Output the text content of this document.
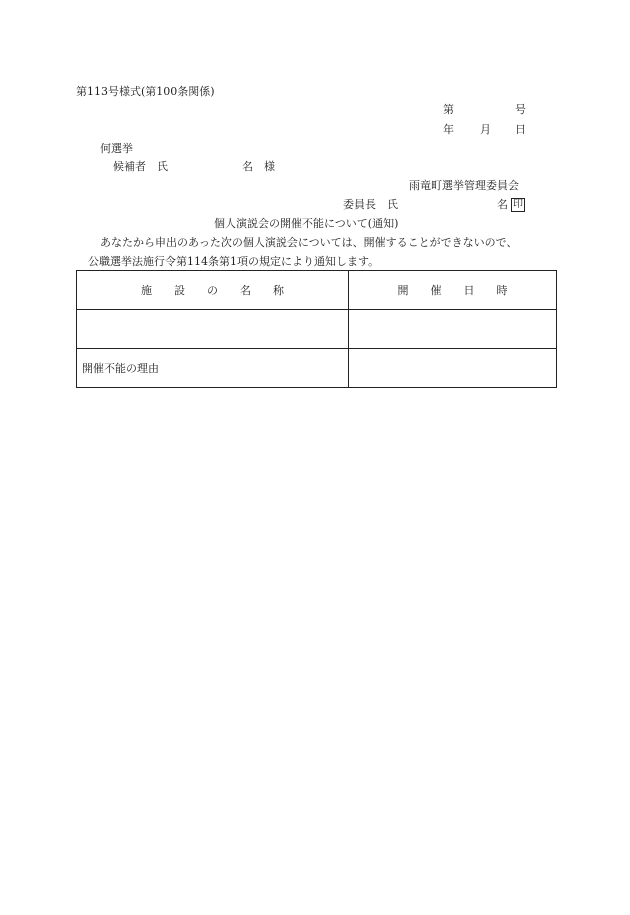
第113号様式(第100条関係)
第	号
年 月 日
何選挙
候補者　氏	名 様
雨竜町選挙管理委員会
委員長　氏	名 印
個人演説会の開催不能について(通知)
あなたから申出のあった次の個人演説会については、開催することができないので、
公職選挙法施行令第114条第1項の規定により通知します。
施　　設　　の　　名　　称	開　　催　　日　　時

開催不能の理由	
